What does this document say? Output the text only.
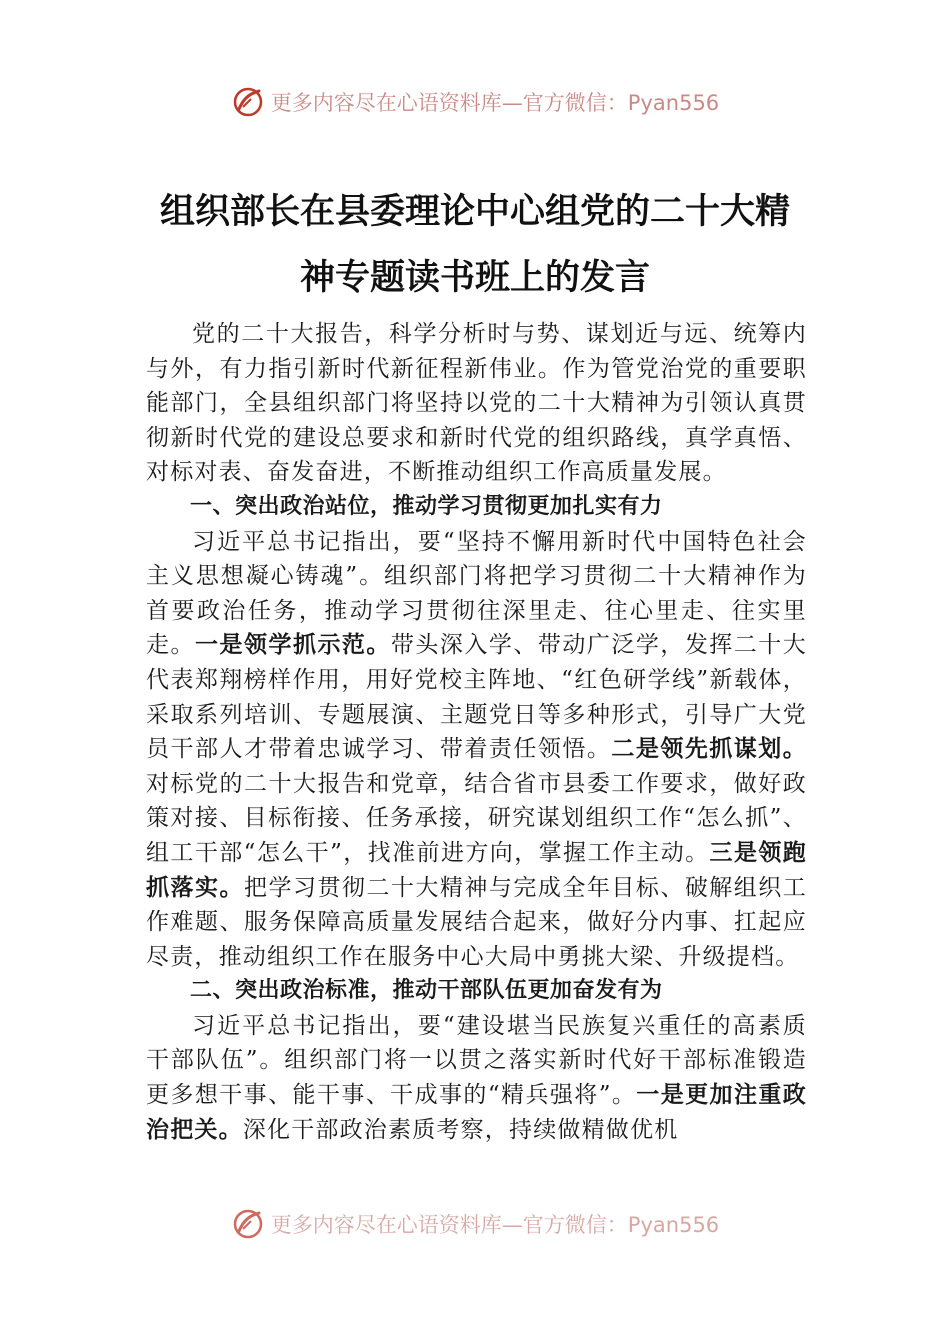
更多内容尽在心语资料库—官方微信：Pyan556
组织部长在县委理论中心组党的二十大精
神专题读书班上的发言

党的二十大报告，科学分析时与势、谋划近与远、统筹内与外，有力指引新时代新征程新伟业。作为管党治党的重要职能部门，全县组织部门将坚持以党的二十大精神为引领认真贯彻新时代党的建设总要求和新时代党的组织路线，真学真悟、对标对表、奋发奋进，不断推动组织工作高质量发展。

一、突出政治站位，推动学习贯彻更加扎实有力

习近平总书记指出，要“坚持不懈用新时代中国特色社会主义思想凝心铸魂”。组织部门将把学习贯彻二十大精神作为首要政治任务，推动学习贯彻往深里走、往心里走、往实里走。一是领学抓示范。带头深入学、带动广泛学，发挥二十大代表郑翔榜样作用，用好党校主阵地、“红色研学线”新载体，采取系列培训、专题展演、主题党日等多种形式，引导广大党员干部人才带着忠诚学习、带着责任领悟。二是领先抓谋划。对标党的二十大报告和党章，结合省市县委工作要求，做好政策对接、目标衔接、任务承接，研究谋划组织工作“怎么抓”、组工干部“怎么干”，找准前进方向，掌握工作主动。三是领跑抓落实。把学习贯彻二十大精神与完成全年目标、破解组织工作难题、服务保障高质量发展结合起来，做好分内事、扛起应尽责，推动组织工作在服务中心大局中勇挑大梁、升级提档。

二、突出政治标准，推动干部队伍更加奋发有为

习近平总书记指出，要“建设堪当民族复兴重任的高素质干部队伍”。组织部门将一以贯之落实新时代好干部标准锻造更多想干事、能干事、干成事的“精兵强将”。一是更加注重政治把关。深化干部政治素质考察，持续做精做优机

更多内容尽在心语资料库—官方微信：Pyan556
